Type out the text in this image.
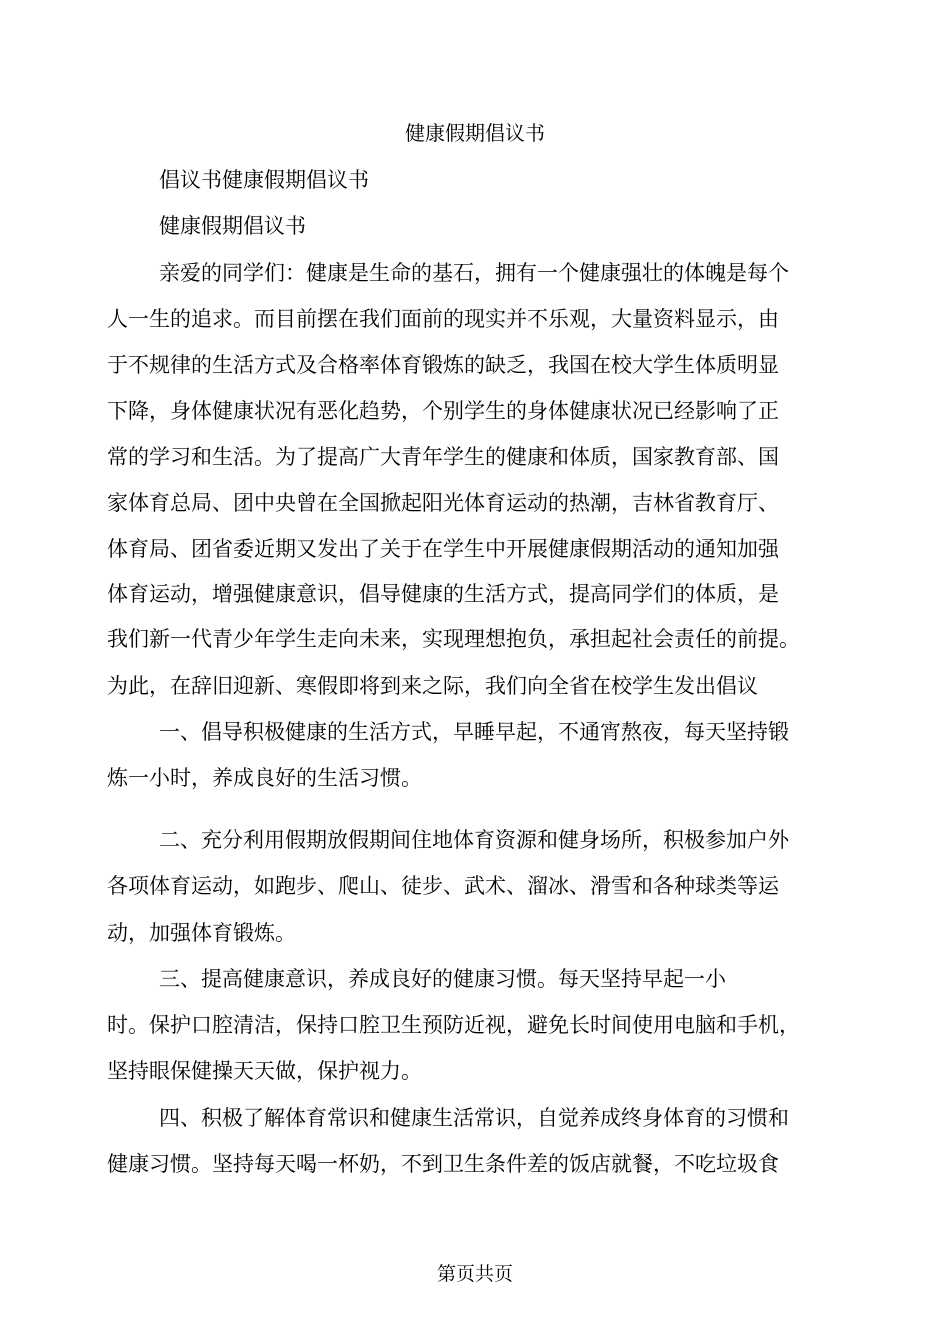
健康假期倡议书

倡议书健康假期倡议书

健康假期倡议书

亲爱的同学们：健康是生命的基石，拥有一个健康强壮的体魄是每个

人一生的追求。而目前摆在我们面前的现实并不乐观，大量资料显示，由

于不规律的生活方式及合格率体育锻炼的缺乏，我国在校大学生体质明显

下降，身体健康状况有恶化趋势，个别学生的身体健康状况已经影响了正

常的学习和生活。为了提高广大青年学生的健康和体质，国家教育部、国

家体育总局、团中央曾在全国掀起阳光体育运动的热潮，吉林省教育厅、

体育局、团省委近期又发出了关于在学生中开展健康假期活动的通知加强

体育运动，增强健康意识，倡导健康的生活方式，提高同学们的体质，是

我们新一代青少年学生走向未来，实现理想抱负，承担起社会责任的前提。

为此，在辞旧迎新、寒假即将到来之际，我们向全省在校学生发出倡议

一、倡导积极健康的生活方式，早睡早起，不通宵熬夜，每天坚持锻

炼一小时，养成良好的生活习惯。

二、充分利用假期放假期间住地体育资源和健身场所，积极参加户外

各项体育运动，如跑步、爬山、徒步、武术、溜冰、滑雪和各种球类等运

动，加强体育锻炼。

三、提高健康意识，养成良好的健康习惯。每天坚持早起一小

时。保护口腔清洁，保持口腔卫生预防近视，避免长时间使用电脑和手机，

坚持眼保健操天天做，保护视力。

四、积极了解体育常识和健康生活常识，自觉养成终身体育的习惯和

健康习惯。坚持每天喝一杯奶，不到卫生条件差的饭店就餐，不吃垃圾食

第页共页
